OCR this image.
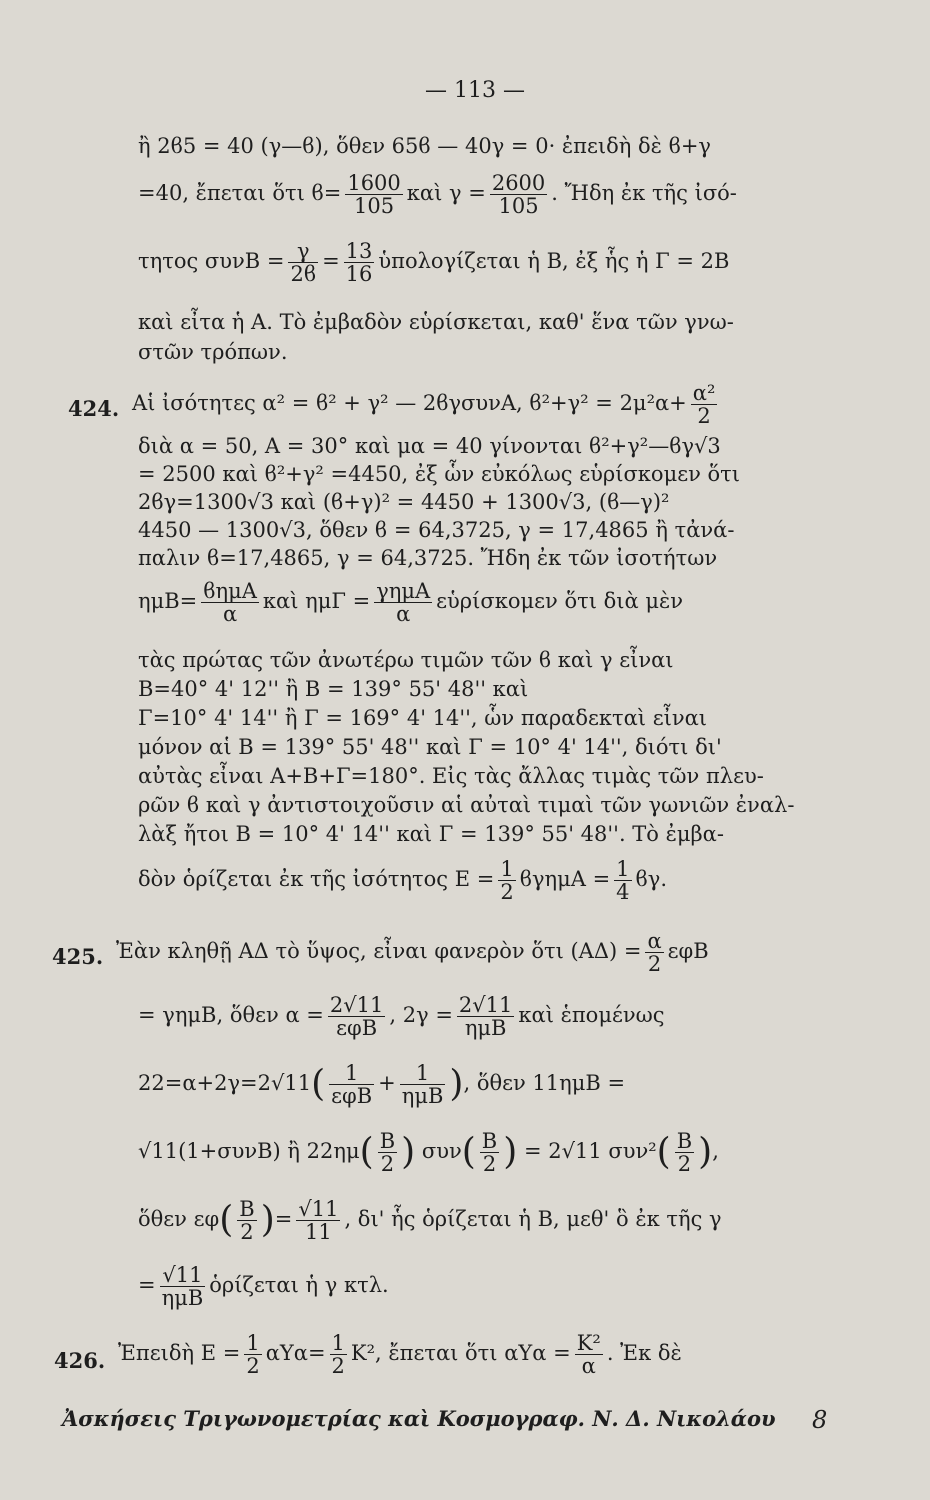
— 113 —
ἢ 2ϐ5 = 40 (γ—ϐ), ὅθεν 65ϐ — 40γ = 0· ἐπειδὴ δὲ ϐ+γ
=40, ἔπεται ὅτι $ϐ= \frac{1600}{105}$ καὶ $\gamma = \frac{2600}{105}$ . Ἤδη ἐκ τῆς ἰσό-
τητος $\sigma\upsilon\nu B = \frac{\gamma}{2ϐ} = \frac{13}{16}$ ὑπολογίζεται ἡ Β, ἐξ ἧς ἡ Γ = 2Β
καὶ εἶτα ἡ Α. Τὸ ἐμβαδὸν εὑρίσκεται, καθ' ἕνα τῶν γνω-
στῶν τρόπων.
424. Αἱ ἰσότητες α² = ϐ² + γ² — 2ϐγσυνΑ, $ϐ^2+\gamma^2 = 2\mu^2\alpha+ \frac{\text{α²}}{2}$
διὰ α = 50, Α = 30° καὶ μα = 40 γίνονται ϐ²+γ²—ϐγ√3
= 2500 καὶ ϐ²+γ² =4450, ἐξ ὧν εὐκόλως εὑρίσκομεν ὅτι
2ϐγ=1300√3 καὶ (ϐ+γ)² = 4450 + 1300√3, (ϐ—γ)²
4450 — 1300√3, ὅθεν ϐ = 64,3725, γ = 17,4865 ἢ τἀνά-
παλιν ϐ=17,4865, γ = 64,3725. Ἤδη ἐκ τῶν ἰσοτήτων
ημΒ= ϐημΑ
α
καὶ ημΓ = γημΑ
α
εὑρίσκομεν ὅτι διὰ μὲν
τὰς πρώτας τῶν ἀνωτέρω τιμῶν τῶν ϐ καὶ γ εἶναι
Β=40° 4' 12'' ἢ Β = 139° 55' 48'' καὶ
Γ=10° 4' 14'' ἢ Γ = 169° 4' 14'', ὧν παραδεκταὶ εἶναι
μόνον αἱ Β = 139° 55' 48'' καὶ Γ = 10° 4' 14'', διότι δι'
αὐτὰς εἶναι Α+Β+Γ=180°. Εἰς τὰς ἄλλας τιμὰς τῶν πλευ-
ρῶν ϐ καὶ γ ἀντιστοιχοῦσιν αἱ αὐταὶ τιμαὶ τῶν γωνιῶν ἐναλ-
λὰξ ἤτοι Β = 10° 4' 14'' καὶ Γ = 139° 55' 48''. Τὸ ἐμβα-
δὸν ὁρίζεται ἐκ τῆς ἰσότητος $E = \frac{1}{2}$ $ϐ\gamma\eta\mu A = \frac{1}{4} ϐ\gamma$.
425. Ἐὰν κληθῇ ΑΔ τὸ ὕψος, εἶναι φανερὸν ὅτι $(A\Delta) = \frac{\alpha}{2}$ εφΒ
= γημΒ, ὅθεν α = 2√11
εφΒ
, 2γ = 2√11
ημΒ
καὶ ἑπομένως
22=α+2γ=2√11( 1
εφΒ
+ 1
ημΒ ), ὅθεν 11ημΒ =
√11(1+συνΒ) ἢ $22\eta\mu( \frac{B}{2}$ ) $\sigma\upsilon\nu( \frac{B}{2}$ ) = 2√11 $\sigma\upsilon\nu^2( \frac{B}{2}$ ),
ὅθεν $\varepsilon\varphi( \frac{B}{2}$ )= $\frac{√11}{11}$ , δι' ἧς ὁρίζεται ἡ Β, μεθ' ὃ ἐκ τῆς γ
= √11
ημΒ
ὁρίζεται ἡ γ κτλ.
426. Ἐπειδὴ $E = \frac{1}{2} \alpha\Upsilon\alpha= \frac{1}{2} K^2$, ἔπεται ὅτι $\alpha\Upsilon\alpha = \frac{\text{Κ²}}{\alpha}$ . Ἐκ δὲ
Ἀσκήσεις Τριγωνομετρίας καὶ Κοσμογραφ. Ν. Δ. Νικολάου 8
